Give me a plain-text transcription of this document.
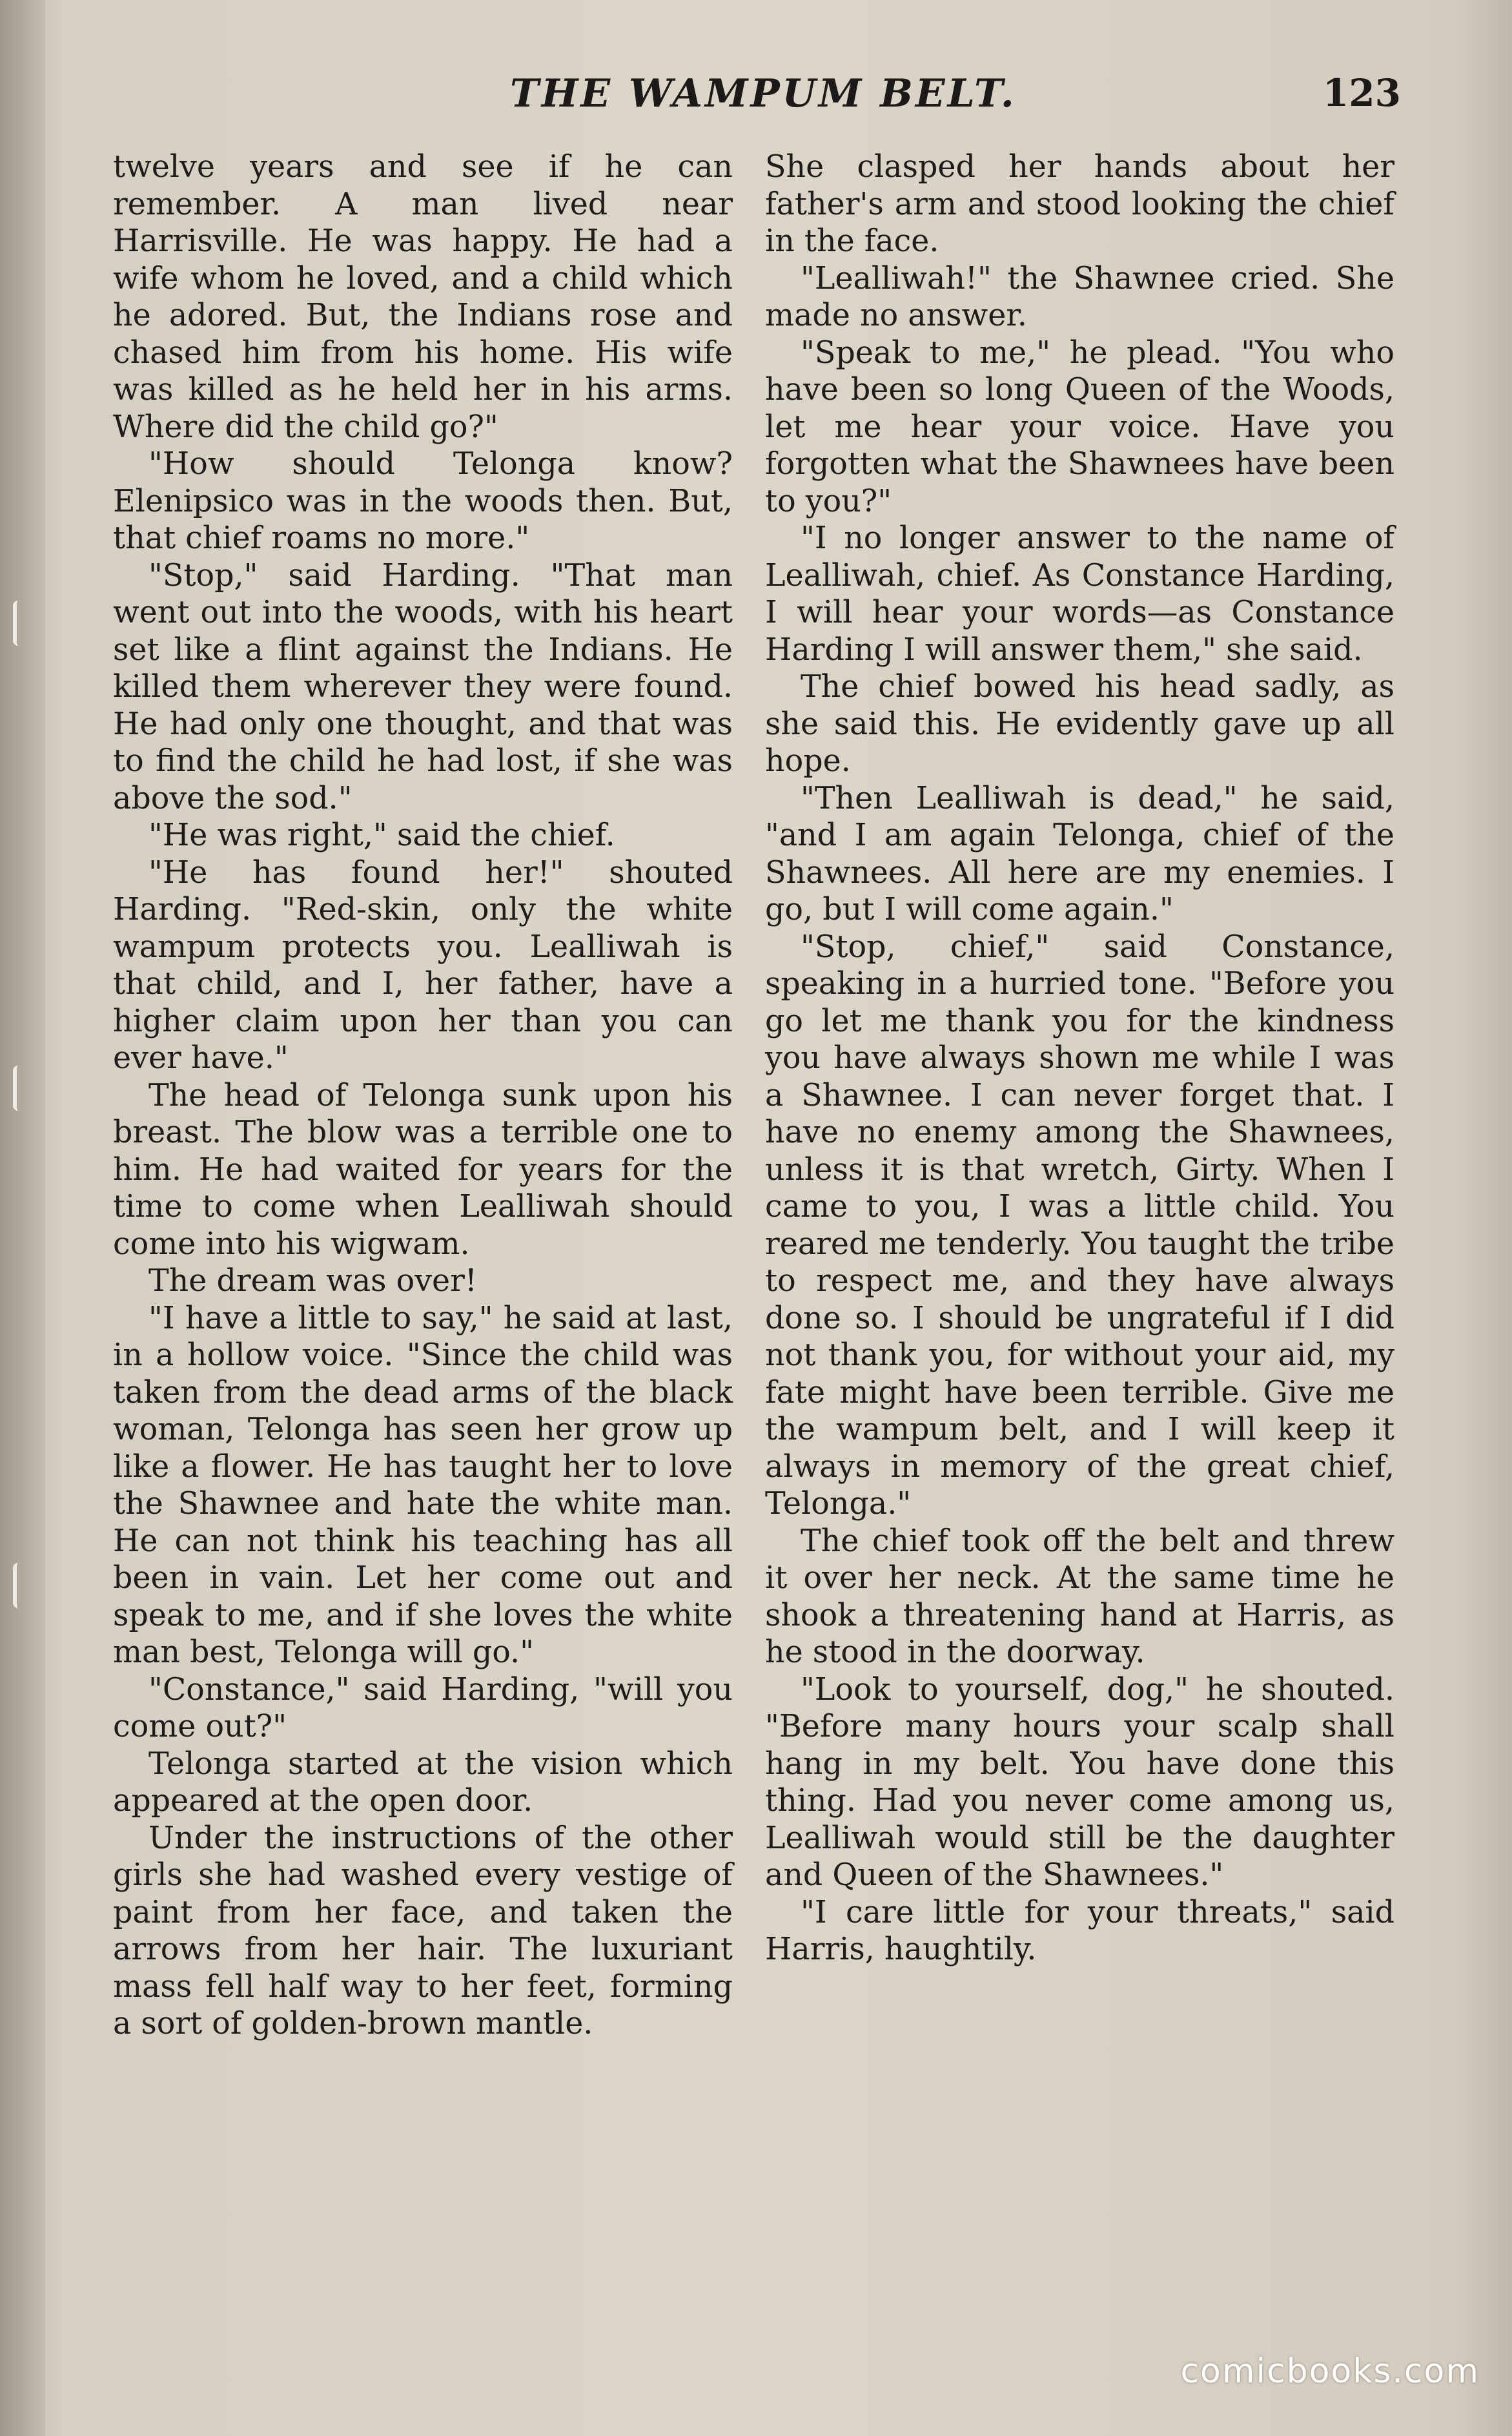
THE WAMPUM BELT.	123

twelve years and see if he can remember. A man lived near Harrisville. He was happy. He had a wife whom he loved, and a child which he adored. But, the Indians rose and chased him from his home. His wife was killed as he held her in his arms. Where did the child go?"

"How should Telonga know? Elenipsico was in the woods then. But, that chief roams no more."

"Stop," said Harding. "That man went out into the woods, with his heart set like a flint against the Indians. He killed them wherever they were found. He had only one thought, and that was to find the child he had lost, if she was above the sod."

"He was right," said the chief.

"He has found her!" shouted Harding. "Red-skin, only the white wampum protects you. Lealliwah is that child, and I, her father, have a higher claim upon her than you can ever have."

The head of Telonga sunk upon his breast. The blow was a terrible one to him. He had waited for years for the time to come when Lealliwah should come into his wigwam.

The dream was over!

"I have a little to say," he said at last, in a hollow voice. "Since the child was taken from the dead arms of the black woman, Telonga has seen her grow up like a flower. He has taught her to love the Shawnee and hate the white man. He can not think his teaching has all been in vain. Let her come out and speak to me, and if she loves the white man best, Telonga will go."

"Constance," said Harding, "will you come out?"

Telonga started at the vision which appeared at the open door.

Under the instructions of the other girls she had washed every vestige of paint from her face, and taken the arrows from her hair. The luxuriant mass fell half way to her feet, forming a sort of golden-brown mantle.

She clasped her hands about her father's arm and stood looking the chief in the face.

"Lealliwah!" the Shawnee cried. She made no answer.

"Speak to me," he plead. "You who have been so long Queen of the Woods, let me hear your voice. Have you forgotten what the Shawnees have been to you?"

"I no longer answer to the name of Lealliwah, chief. As Constance Harding, I will hear your words—as Constance Harding I will answer them," she said.

The chief bowed his head sadly, as she said this. He evidently gave up all hope.

"Then Lealliwah is dead," he said, "and I am again Telonga, chief of the Shawnees. All here are my enemies. I go, but I will come again."

"Stop, chief," said Constance, speaking in a hurried tone. "Before you go let me thank you for the kindness you have always shown me while I was a Shawnee. I can never forget that. I have no enemy among the Shawnees, unless it is that wretch, Girty. When I came to you, I was a little child. You reared me tenderly. You taught the tribe to respect me, and they have always done so. I should be ungrateful if I did not thank you, for without your aid, my fate might have been terrible. Give me the wampum belt, and I will keep it always in memory of the great chief, Telonga."

The chief took off the belt and threw it over her neck. At the same time he shook a threatening hand at Harris, as he stood in the doorway.

"Look to yourself, dog," he shouted. "Before many hours your scalp shall hang in my belt. You have done this thing. Had you never come among us, Lealliwah would still be the daughter and Queen of the Shawnees."

"I care little for your threats," said Harris, haughtily.

comicbooks.com
